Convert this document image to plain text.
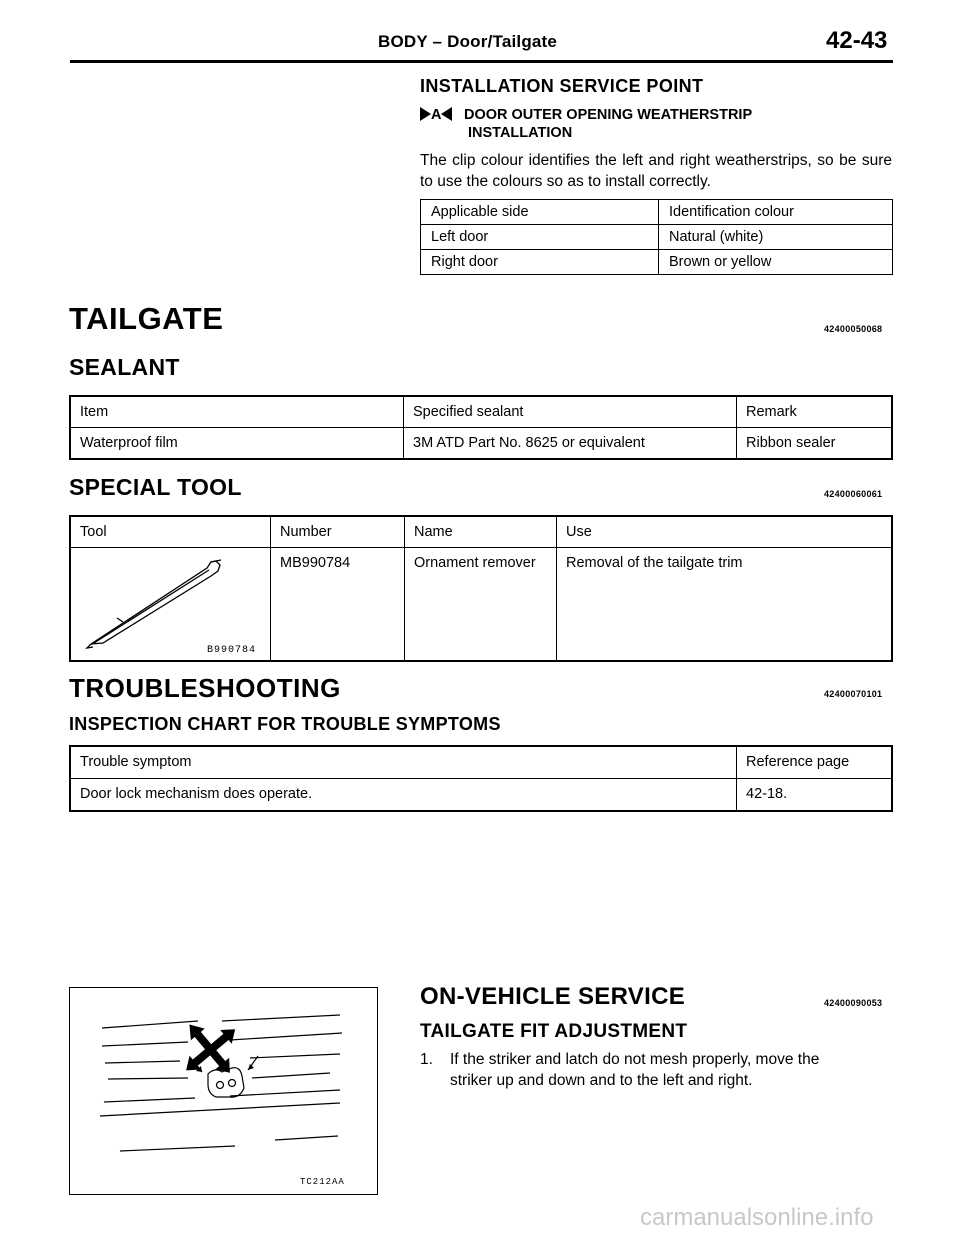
BODY – Door/Tailgate	42-43
INSTALLATION SERVICE POINT
A DOOR OUTER OPENING WEATHERSTRIP
INSTALLATION
The clip colour identifies the left and right weatherstrips, so be sure to use the colours so as to install correctly.
Applicable side	Identification colour
Left door	Natural (white)
Right door	Brown or yellow
TAILGATE	42400050068
SEALANT
Item	Specified sealant	Remark
Waterproof film	3M ATD Part No. 8625 or equivalent	Ribbon sealer
SPECIAL TOOL	42400060061
Tool	Number	Name	Use

B990784	MB990784	Ornament remover	Removal of the tailgate trim
TROUBLESHOOTING	42400070101
INSPECTION CHART FOR TROUBLE SYMPTOMS
Trouble symptom	Reference page
Door lock mechanism does operate.	42-18.
TC212AA
ON-VEHICLE SERVICE	42400090053
TAILGATE FIT ADJUSTMENT
1. If the striker and latch do not mesh properly, move the
striker up and down and to the left and right.
carmanualsonline.info
